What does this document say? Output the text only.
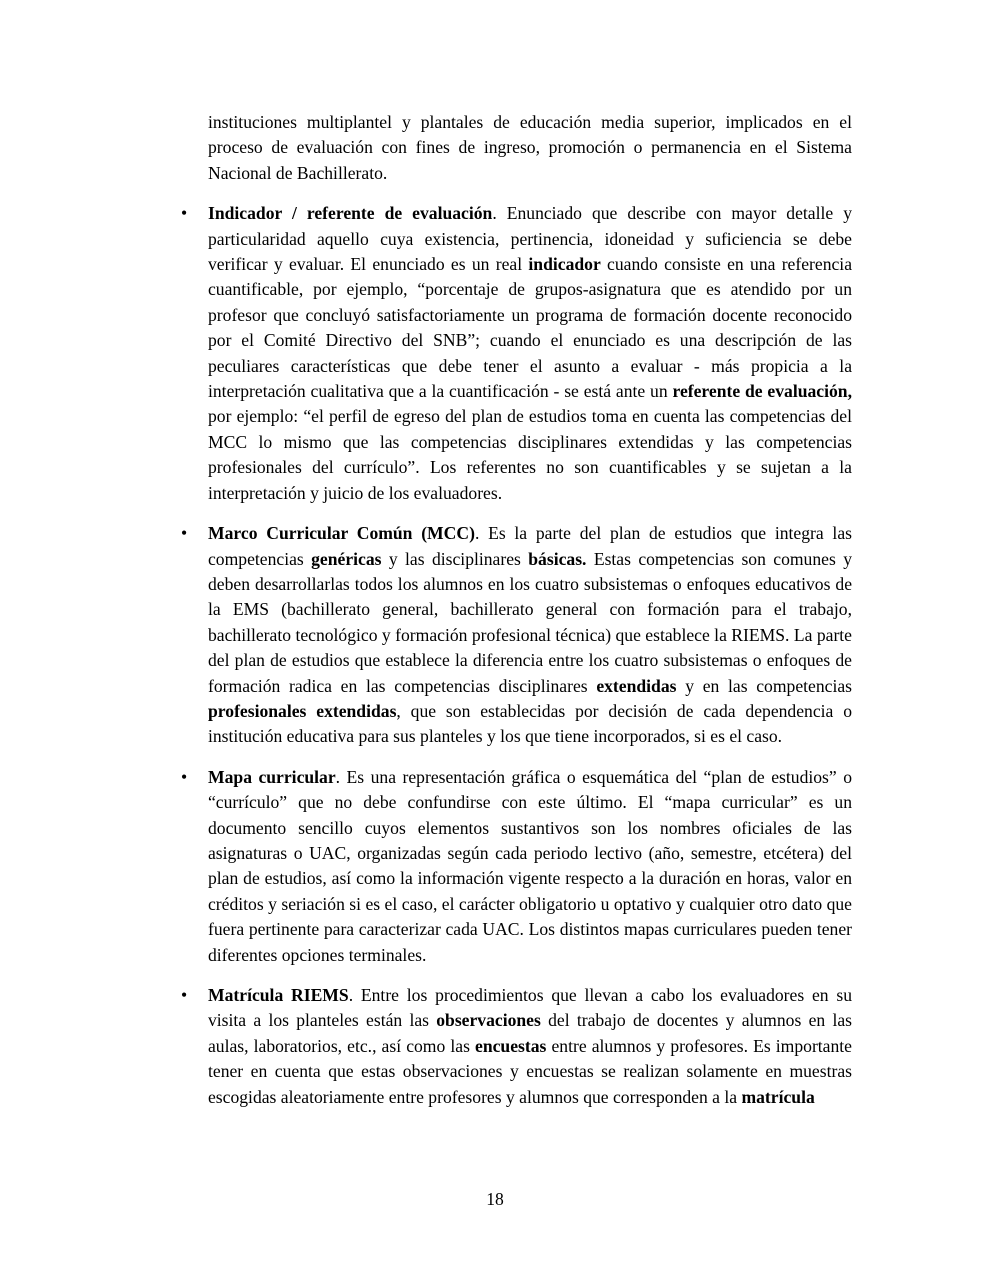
instituciones multiplantel y plantales de educación media superior, implicados en el proceso de evaluación con fines de ingreso, promoción o permanencia en el Sistema Nacional de Bachillerato.

•	Indicador / referente de evaluación. Enunciado que describe con mayor detalle y particularidad aquello cuya existencia, pertinencia, idoneidad y suficiencia se debe verificar y evaluar. El enunciado es un real indicador cuando consiste en una referencia cuantificable, por ejemplo, “porcentaje de grupos-asignatura que es atendido por un profesor que concluyó satisfactoriamente un programa de formación docente reconocido por el Comité Directivo del SNB”; cuando el enunciado es una descripción de las peculiares características que debe tener el asunto a evaluar - más propicia a la interpretación cualitativa que a la cuantificación - se está ante un referente de evaluación, por ejemplo: “el perfil de egreso del plan de estudios toma en cuenta las competencias del MCC lo mismo que las competencias disciplinares extendidas y las competencias profesionales del currículo”. Los referentes no son cuantificables y se sujetan a la interpretación y juicio de los evaluadores.
•	Marco Curricular Común (MCC). Es la parte del plan de estudios que integra las competencias genéricas y las disciplinares básicas. Estas competencias son comunes y deben desarrollarlas todos los alumnos en los cuatro subsistemas o enfoques educativos de la EMS (bachillerato general, bachillerato general con formación para el trabajo, bachillerato tecnológico y formación profesional técnica) que establece la RIEMS. La parte del plan de estudios que establece la diferencia entre los cuatro subsistemas o enfoques de formación radica en las competencias disciplinares extendidas y en las competencias profesionales extendidas, que son establecidas por decisión de cada dependencia o institución educativa para sus planteles y los que tiene incorporados, si es el caso.
•	Mapa curricular. Es una representación gráfica o esquemática del “plan de estudios” o “currículo” que no debe confundirse con este último. El “mapa curricular” es un documento sencillo cuyos elementos sustantivos son los nombres oficiales de las asignaturas o UAC, organizadas según cada periodo lectivo (año, semestre, etcétera) del plan de estudios, así como la información vigente respecto a la duración en horas, valor en créditos y seriación si es el caso, el carácter obligatorio u optativo y cualquier otro dato que fuera pertinente para caracterizar cada UAC. Los distintos mapas curriculares pueden tener diferentes opciones terminales.
•	Matrícula RIEMS. Entre los procedimientos que llevan a cabo los evaluadores en su visita a los planteles están las observaciones del trabajo de docentes y alumnos en las aulas, laboratorios, etc., así como las encuestas entre alumnos y profesores. Es importante tener en cuenta que estas observaciones y encuestas se realizan solamente en muestras escogidas aleatoriamente entre profesores y alumnos que corresponden a la matrícula
18
